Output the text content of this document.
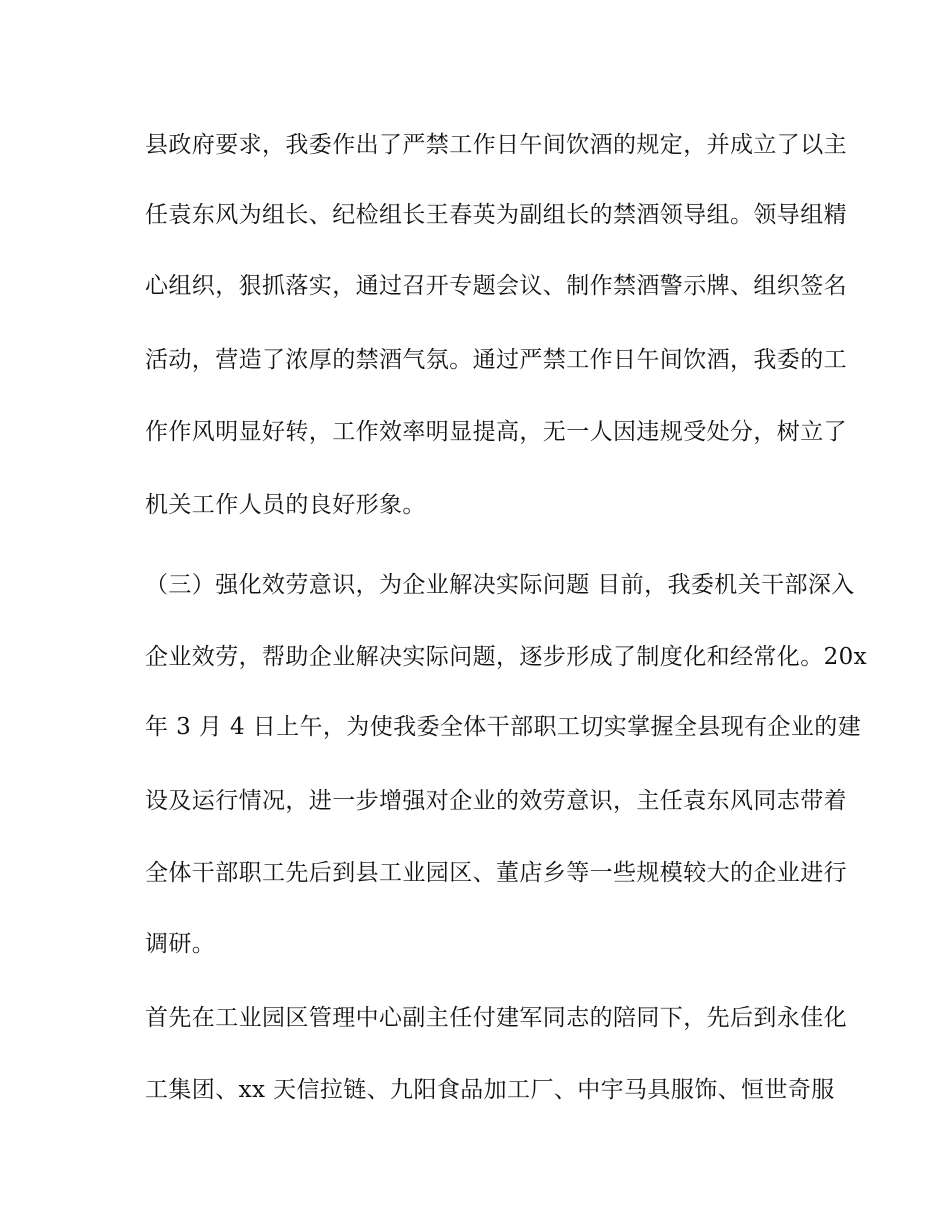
县政府要求，我委作出了严禁工作日午间饮酒的规定，并成立了以主
任袁东风为组长、纪检组长王春英为副组长的禁酒领导组。领导组精
心组织，狠抓落实，通过召开专题会议、制作禁酒警示牌、组织签名
活动，营造了浓厚的禁酒气氛。通过严禁工作日午间饮酒，我委的工
作作风明显好转，工作效率明显提高，无一人因违规受处分，树立了
机关工作人员的良好形象。
（三）强化效劳意识，为企业解决实际问题 目前，我委机关干部深入
企业效劳，帮助企业解决实际问题，逐步形成了制度化和经常化。20x
年 3 月 4 日上午，为使我委全体干部职工切实掌握全县现有企业的建
设及运行情况，进一步增强对企业的效劳意识，主任袁东风同志带着
全体干部职工先后到县工业园区、董店乡等一些规模较大的企业进行
调研。
首先在工业园区管理中心副主任付建军同志的陪同下，先后到永佳化
工集团、xx 天信拉链、九阳食品加工厂、中宇马具服饰、恒世奇服
